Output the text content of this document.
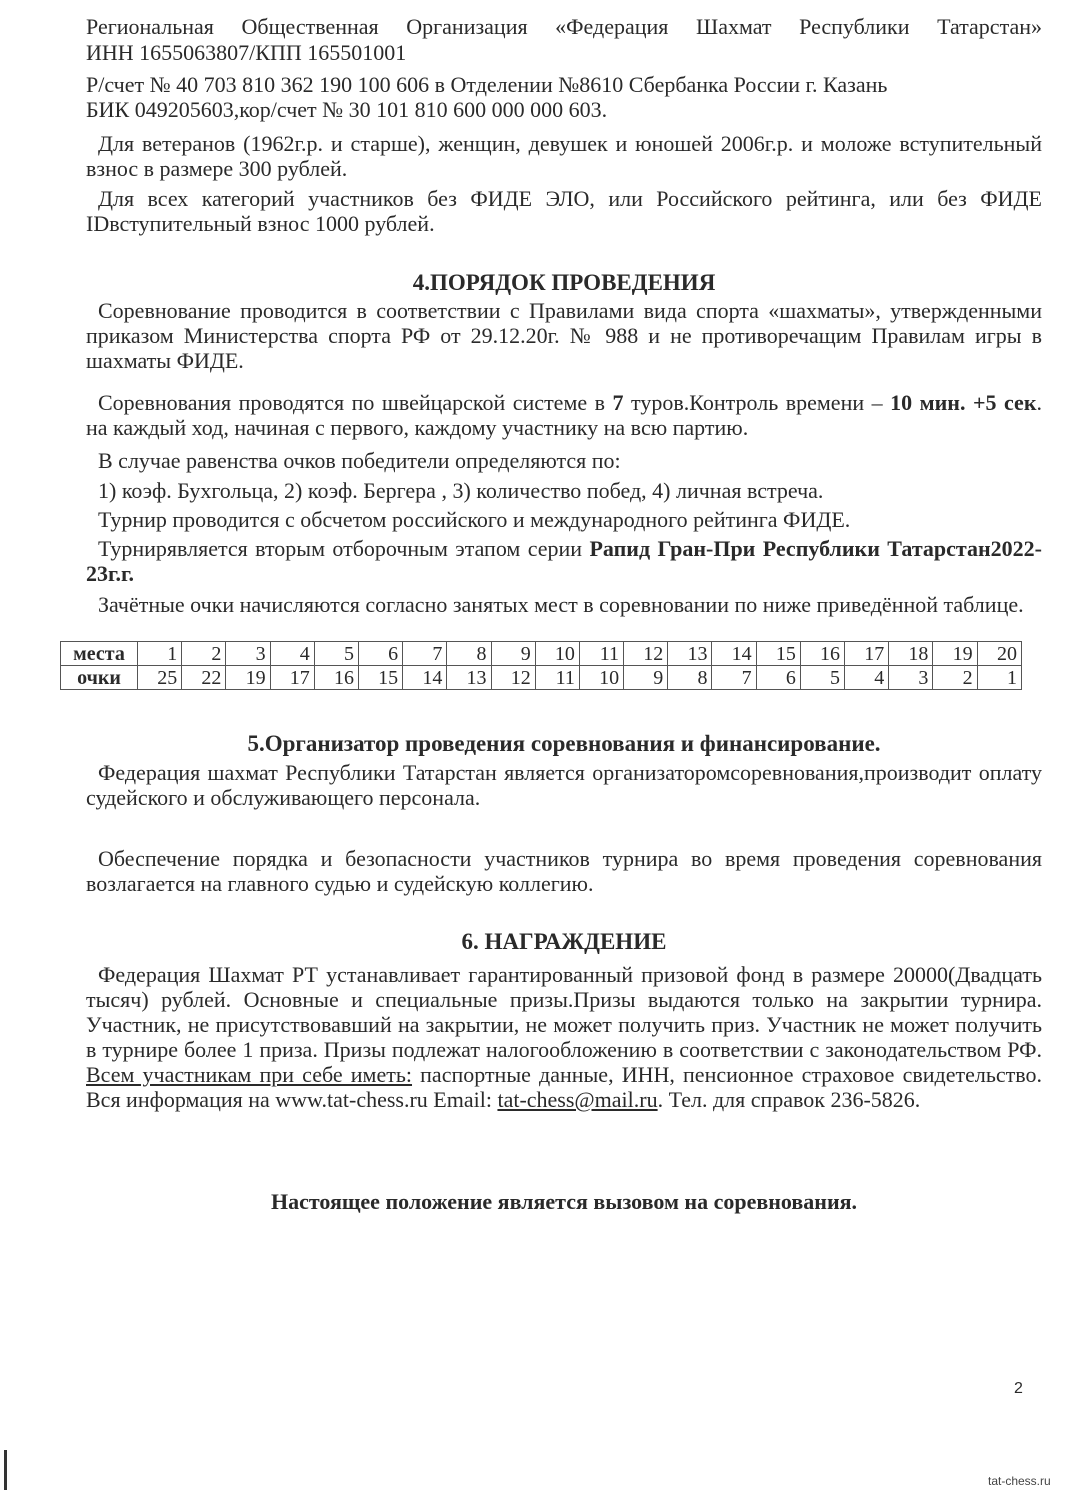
Региональная Общественная Организация «Федерация Шахмат Республики Татарстан»

ИНН 1655063807/КПП 165501001

Р/счет № 40 703 810 362 190 100 606 в Отделении №8610 Сбербанка России г. Казань

БИК 049205603,кор/счет № 30 101 810 600 000 000 603.

Для ветеранов (1962г.р. и старше), женщин, девушек и юношей 2006г.р. и моложе вступительный взнос в размере 300 рублей.

Для всех категорий участников без ФИДЕ ЭЛО, или Российского рейтинга, или без ФИДЕ IDвступительный взнос 1000 рублей.

4.ПОРЯДОК ПРОВЕДЕНИЯ

Соревнование проводится в соответствии с Правилами вида спорта «шахматы», утвержденными приказом Министерства спорта РФ от 29.12.20г. № 988 и не противоречащим Правилам игры в шахматы ФИДЕ.

Соревнования проводятся по швейцарской системе в 7 туров.Контроль времени – 10 мин. +5 сек. на каждый ход, начиная с первого, каждому участнику на всю партию.

В случае равенства очков победители определяются по:

1) коэф. Бухгольца, 2) коэф. Бергера , 3) количество побед, 4) личная встреча.

Турнир проводится с обсчетом российского и международного рейтинга ФИДЕ.

Турнирявляется вторым отборочным этапом серии Рапид Гран-При Республики Татарстан2022-23г.г.

Зачётные очки начисляются согласно занятых мест в соревновании по ниже приведённой таблице.

места	1	2	3	4	5	6	7	8	9	10	11	12	13	14	15	16	17	18	19	20
очки	25	22	19	17	16	15	14	13	12	11	10	9	8	7	6	5	4	3	2	1
5.Организатор проведения соревнования и финансирование.

Федерация шахмат Республики Татарстан является организаторомсоревнования,производит оплату судейского и обслуживающего персонала.

Обеспечение порядка и безопасности участников турнира во время проведения соревнования возлагается на главного судью и судейскую коллегию.

6. НАГРАЖДЕНИЕ

Федерация Шахмат РТ устанавливает гарантированный призовой фонд в размере 20000(Двадцать тысяч) рублей. Основные и специальные призы.Призы выдаются только на закрытии турнира. Участник, не присутствовавший на закрытии, не может получить приз. Участник не может получить в турнире более 1 приза. Призы подлежат налогообложению в соответствии с законодательством РФ. Всем участникам при себе иметь: паспортные данные, ИНН, пенсионное страховое свидетельство. Вся информация на www.tat-chess.ru Email: tat-chess@mail.ru. Тел. для справок 236-5826.

Настоящее положение является вызовом на соревнования.
2
tat-chess.ru
